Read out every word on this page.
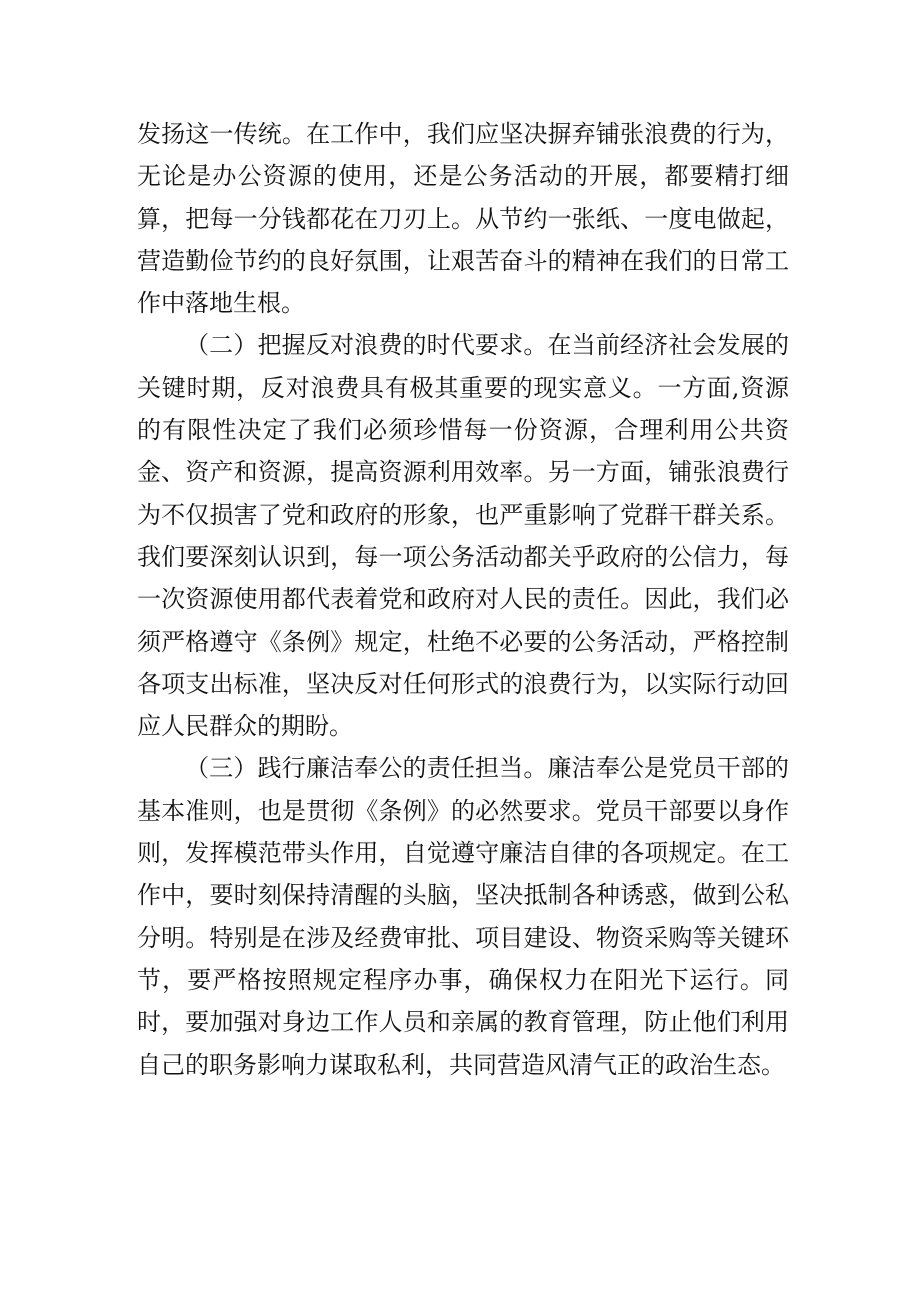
发扬这一传统。在工作中，我们应坚决摒弃铺张浪费的行为，无论是办公资源的使用，还是公务活动的开展，都要精打细算，把每一分钱都花在刀刃上。从节约一张纸、一度电做起，营造勤俭节约的良好氛围，让艰苦奋斗的精神在我们的日常工作中落地生根。

（二）把握反对浪费的时代要求。在当前经济社会发展的关键时期，反对浪费具有极其重要的现实意义。一方面,资源的有限性决定了我们必须珍惜每一份资源，合理利用公共资金、资产和资源，提高资源利用效率。另一方面，铺张浪费行为不仅损害了党和政府的形象，也严重影响了党群干群关系。我们要深刻认识到，每一项公务活动都关乎政府的公信力，每一次资源使用都代表着党和政府对人民的责任。因此，我们必须严格遵守《条例》规定，杜绝不必要的公务活动，严格控制各项支出标准，坚决反对任何形式的浪费行为，以实际行动回应人民群众的期盼。

（三）践行廉洁奉公的责任担当。廉洁奉公是党员干部的基本准则，也是贯彻《条例》的必然要求。党员干部要以身作则，发挥模范带头作用，自觉遵守廉洁自律的各项规定。在工作中，要时刻保持清醒的头脑，坚决抵制各种诱惑，做到公私分明。特别是在涉及经费审批、项目建设、物资采购等关键环节，要严格按照规定程序办事，确保权力在阳光下运行。同时，要加强对身边工作人员和亲属的教育管理，防止他们利用自己的职务影响力谋取私利，共同营造风清气正的政治生态。
